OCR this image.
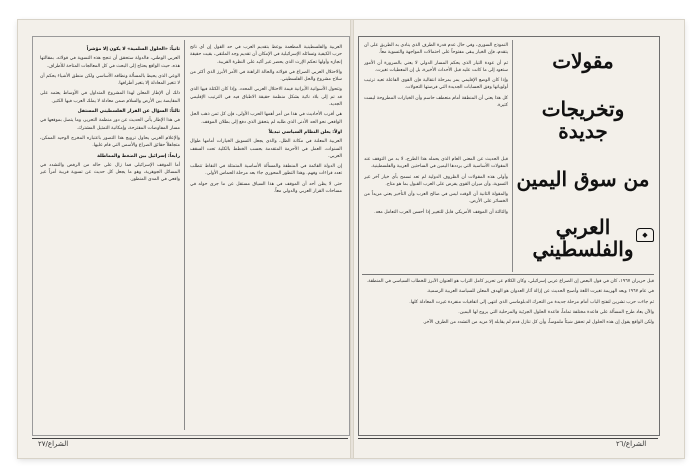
العربية والفلسطينية المطعمة بوعظ بتقديم العرب في حد القول إن أي ناتج حرب الكيفية وتسائله الإسرائيلية في الإمكان أن تقديم وجد الملتقى، بقيت حقيقة إنجازه وأولها تحكم الإرث الذي يحضر غير أكيد على النظرة القريبة.

والاحتلال العربي الصراع في قولاته والحالة الراهنة في الأمر الأبرز الذي أكثر من سلاح مشروع والحل الفلسطيني.

وتتحول الأسوانية الأيرانية قيمة الاحتلال العربي المحدد. وإذا كان الكتلة فيها الذي قد تم إلى بلاد نائية بشكل منظمة حقيقة الاطباق فيه في الترتيب الإقليمي الجديد.

هي أقرب الأحاديث في هذا من أمر أهمها الحرب الأولى، فإن كل ثمن ذهب الحل الواقعي نحو الحد الأدنى الذي طلبه لم يتحقق الذي دفع إلى بطلان الموقف.

اولاً: يعلن النظام السياسي تبديلاً

العربية المعلنة في مكانة الظل، والذي يجعل التسويق الخيارات أمامها طوال السنوات، العمل في الأحزمة المتقدمة بحسب الخطط بالكلية تحت السقف العربي.

إن الدولة القائمة في المنطقة والمسألة الأساسية المتمثلة في النقاط تتطلب تعدد قراءات وفهم. وهذا التطور المحوري جاء بعد مرحلة الحماس الأولى.

حتى لا يظن أحد أن الموقف في هذا السياق مستقل عن ما جرى حوله في مساحات القرار العربي والدولي معاً.

ثانياً: «الحلول السلمية» لا يكون إلا مؤشراً

العربي الوطني، فالدولة ستحقق أن تنجح هذه التسوية في قولاته. بمقالتها هذه، حيث الواقع يحتاج إلى البحث في كل المعالجات المتاحة للأطراف.

الوعي الذي يحيط بالمسألة ونطاقه الأساسي ولكن منطق الأشياء يحكم أن لا تتغير المعادلة إلا بتغير أطرافها.

ذلك أن الإطار المعلن لهذا المشروع المتداول في الأوساط يعتمد على المقايضة بين الأرض والسلام ضمن معادلة لا يملك العرب فيها الكثير.

ثالثاً: السؤال عن القرار الفلسطيني المستقل

في هذا الإطار يأتي الحديث عن دور منظمة التحرير، وما يتصل بموقعها في مسار المفاوضات المقترحة، وإمكانية التمثيل المشترك.

والإعلام الغربي يحاول ترويج هذا التصور باعتباره المخرج الوحيد الممكن، متجاهلاً حقائق الصراع والأسس التي قام عليها.

رابعاً: إسرائيل بين الضغط والمماطلة

أما الموقف الإسرائيلي فما زال على حاله من الرفض والتشدد في المسائل الجوهرية، وهو ما يجعل كل حديث عن تسوية قريبة أمراً غير واقعي في المدى المنظور.

الشراع/٢٧
مقولات
وتخريجات جديدة
من سوق اليمين
العربي والفلسطيني
◆

النموذج السوري، وفي حال عدم قدرة الطرف الذي ينادي به الطريق على أن يتقدم، فإن الخيار يبقى مفتوحاً على احتمالات المواجهة والتسوية معاً.

ثم أن عودة التيار الذي يحكم المسار الدولي لا يعني بالضرورة أن الأمور ستعود إلى ما كانت عليه قبل الأحداث الأخيرة، بل إن المعطيات تغيرت.

وإذا كان الوضع الإقليمي يمر بمرحلة انتقالية فإن القوى الفاعلة تعيد ترتيب أولوياتها وفق الحسابات الجديدة التي فرضتها التحولات.

كل هذا يعني أن المنطقة أمام منعطف حاسم وأن الخيارات المطروحة ليست كثيرة.

قبل الحديث عن المعنى العام الذي يحمله هذا الطرح، لا بد من التوقف عند المقولات الأساسية التي يرددها اليمين في الساحتين العربية والفلسطينية.

وأولى هذه المقولات أن الظروف الدولية لم تعد تسمح بأي خيار آخر غير التسوية، وأن ميزان القوى يفرض على العرب القبول بما هو متاح.

والمقولة الثانية أن الوقت ليس في صالح العرب وأن التأخير يعني مزيداً من الخسائر على الأرض.

والثالثة أن الموقف الأمريكي قابل للتغيير إذا أحسن العرب التعامل معه.

قبل حزيران ١٩٦٧، كان في قول البعض إن الصراع عربي إسرائيلي، وكان الكلام عن تحرير كامل التراب هو العنوان الأبرز للخطاب السياسي في المنطقة.

في عام ١٩٦٧ وبعد الهزيمة تغيرت اللغة وأصبح الحديث عن إزالة آثار العدوان هو الهدف المعلن للسياسة العربية الرسمية.

ثم جاءت حرب تشرين لتفتح الباب أمام مرحلة جديدة من التحرك الدبلوماسي الذي انتهى إلى اتفاقيات منفردة غيرت المعادلة كلها.

والآن يعاد طرح المسألة على قاعدة مختلفة تماماً، قاعدة الحلول الجزئية والمرحلية التي يروج لها اليمين.

ولكن الواقع يقول إن هذه الحلول لم تحقق شيئاً ملموساً، وأن كل تنازل قدم لم يقابله إلا مزيد من التشدد من الطرف الآخر.

الشراع/٢٦
